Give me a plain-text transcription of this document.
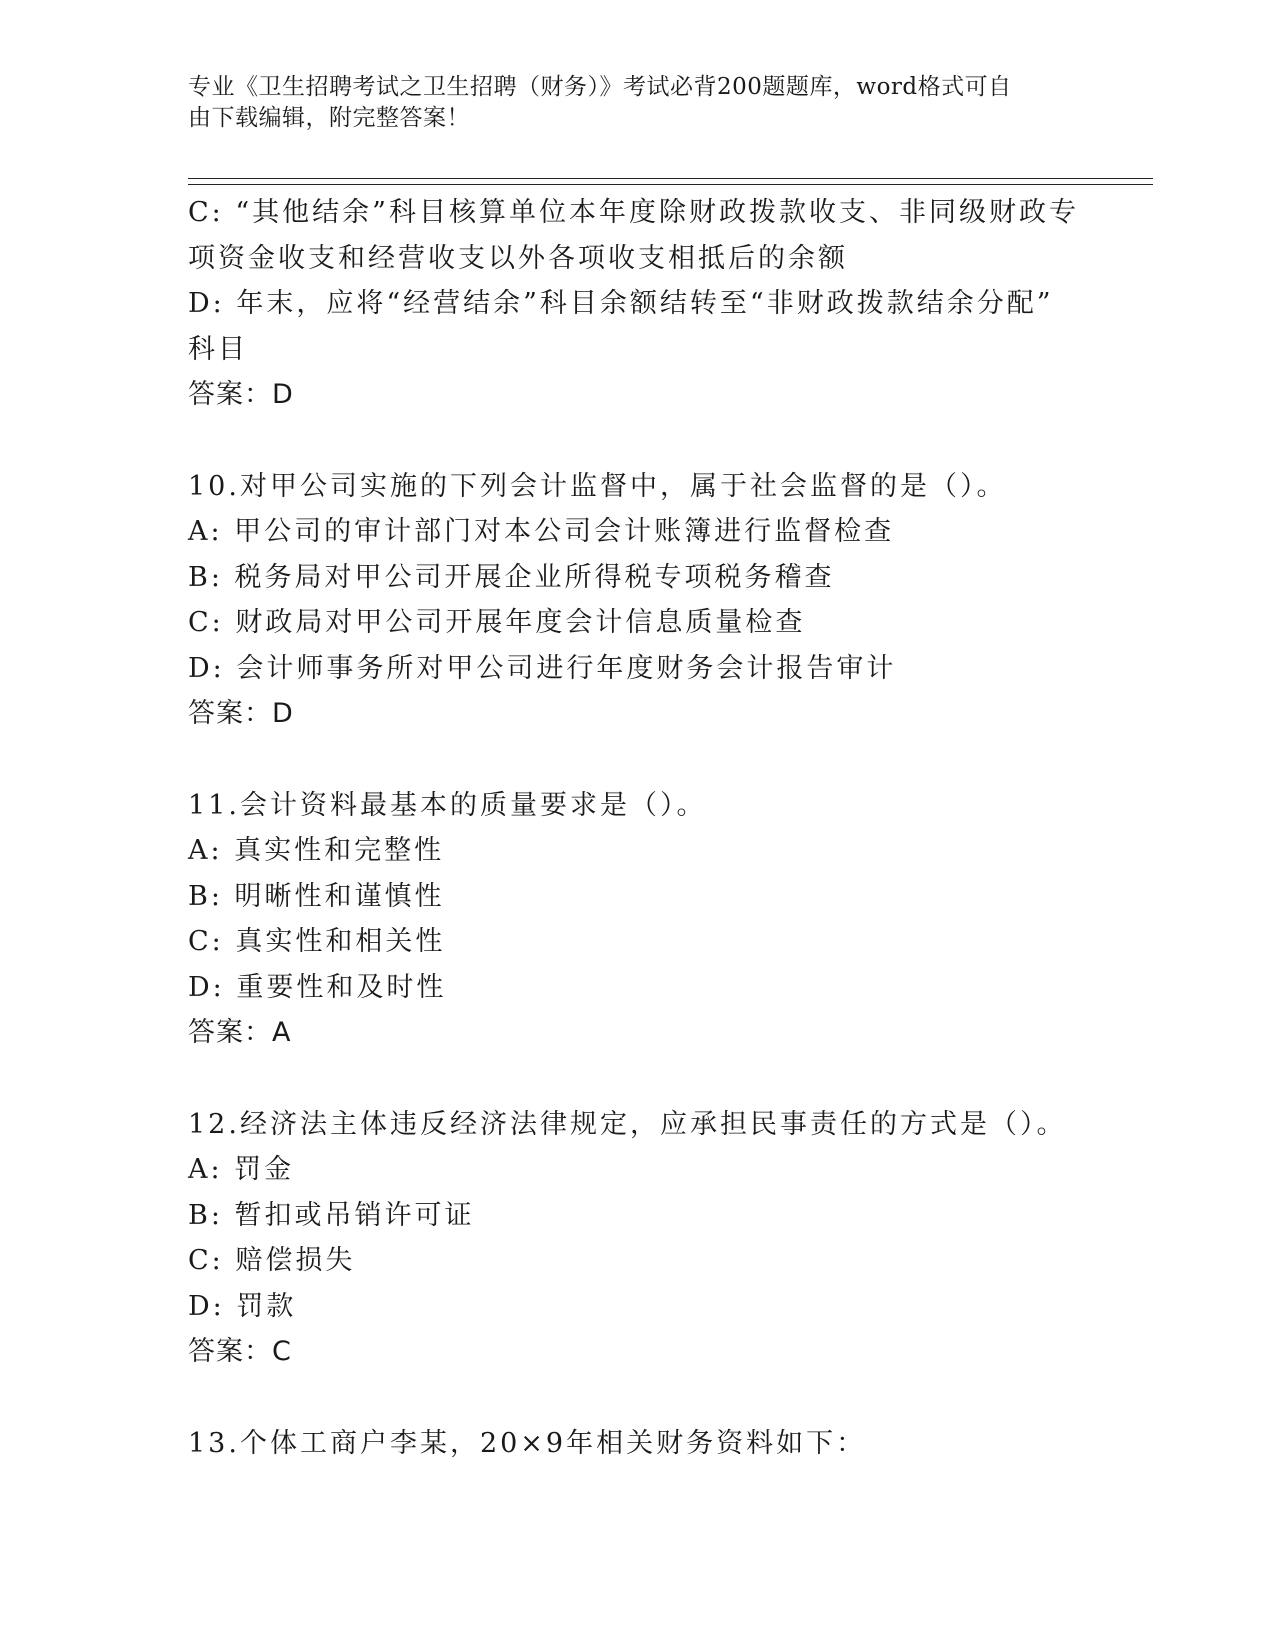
专业《卫生招聘考试之卫生招聘（财务）》考试必背200题题库，word格式可自
由下载编辑，附完整答案！
C: “其他结余”科目核算单位本年度除财政拨款收支、非同级财政专
项资金收支和经营收支以外各项收支相抵后的余额
D: 年末，应将“经营结余”科目余额结转至“非财政拨款结余分配”
科目
答案：D
10.对甲公司实施的下列会计监督中，属于社会监督的是（）。
A: 甲公司的审计部门对本公司会计账簿进行监督检查
B: 税务局对甲公司开展企业所得税专项税务稽查
C: 财政局对甲公司开展年度会计信息质量检查
D: 会计师事务所对甲公司进行年度财务会计报告审计
答案：D
11.会计资料最基本的质量要求是（）。
A: 真实性和完整性
B: 明晰性和谨慎性
C: 真实性和相关性
D: 重要性和及时性
答案：A
12.经济法主体违反经济法律规定，应承担民事责任的方式是（）。
A: 罚金
B: 暂扣或吊销许可证
C: 赔偿损失
D: 罚款
答案：C
13.个体工商户李某，20×9年相关财务资料如下：
